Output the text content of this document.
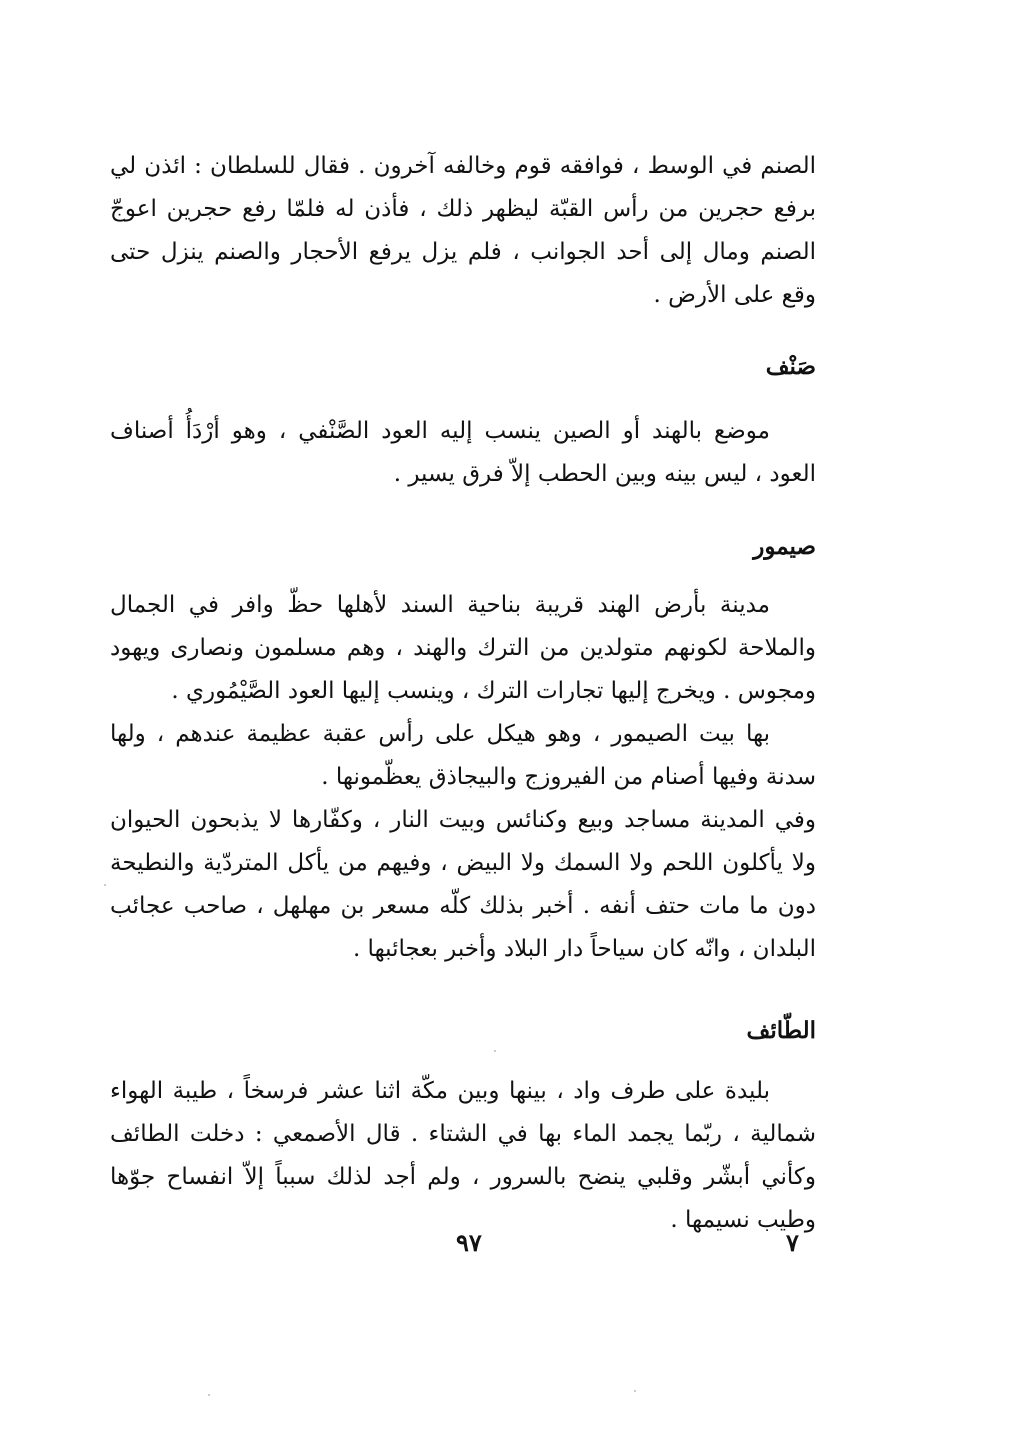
الصنم في الوسط ، فوافقه قوم وخالفه آخرون . فقال للسلطان : ائذن لي برفع حجرين من رأس القبّة ليظهر ذلك ، فأذن له فلمّا رفع حجرين اعوجّ الصنم ومال إلى أحد الجوانب ، فلم يزل يرفع الأحجار والصنم ينزل حتى وقع على الأرض .

صَنْف

موضع بالهند أو الصين ينسب إليه العود الصَّنْفي ، وهو أرْدَأُ أصناف العود ، ليس بينه وبين الحطب إلاّ فرق يسير .

صيمور

مدينة بأرض الهند قريبة بناحية السند لأهلها حظّ وافر في الجمال والملاحة لكونهم متولدين من الترك والهند ، وهم مسلمون ونصارى ويهود ومجوس . ويخرج إليها تجارات الترك ، وينسب إليها العود الصَّيْمُوري .

بها بيت الصيمور ، وهو هيكل على رأس عقبة عظيمة عندهم ، ولها سدنة وفيها أصنام من الفيروزج والبيجاذق يعظّمونها .

وفي المدينة مساجد وبيع وكنائس وبيت النار ، وكفّارها لا يذبحون الحيوان ولا يأكلون اللحم ولا السمك ولا البيض ، وفيهم من يأكل المتردّية والنطيحة دون ما مات حتف أنفه . أخبر بذلك كلّه مسعر بن مهلهل ، صاحب عجائب البلدان ، وانّه كان سياحاً دار البلاد وأخبر بعجائبها .

الطّائف

بليدة على طرف واد ، بينها وبين مكّة اثنا عشر فرسخاً ، طيبة الهواء شمالية ، ربّما يجمد الماء بها في الشتاء . قال الأصمعي : دخلت الطائف وكأني أبشّر وقلبي ينضح بالسرور ، ولم أجد لذلك سبباً إلاّ انفساح جوّها وطيب نسيمها .

٩٧	٧
